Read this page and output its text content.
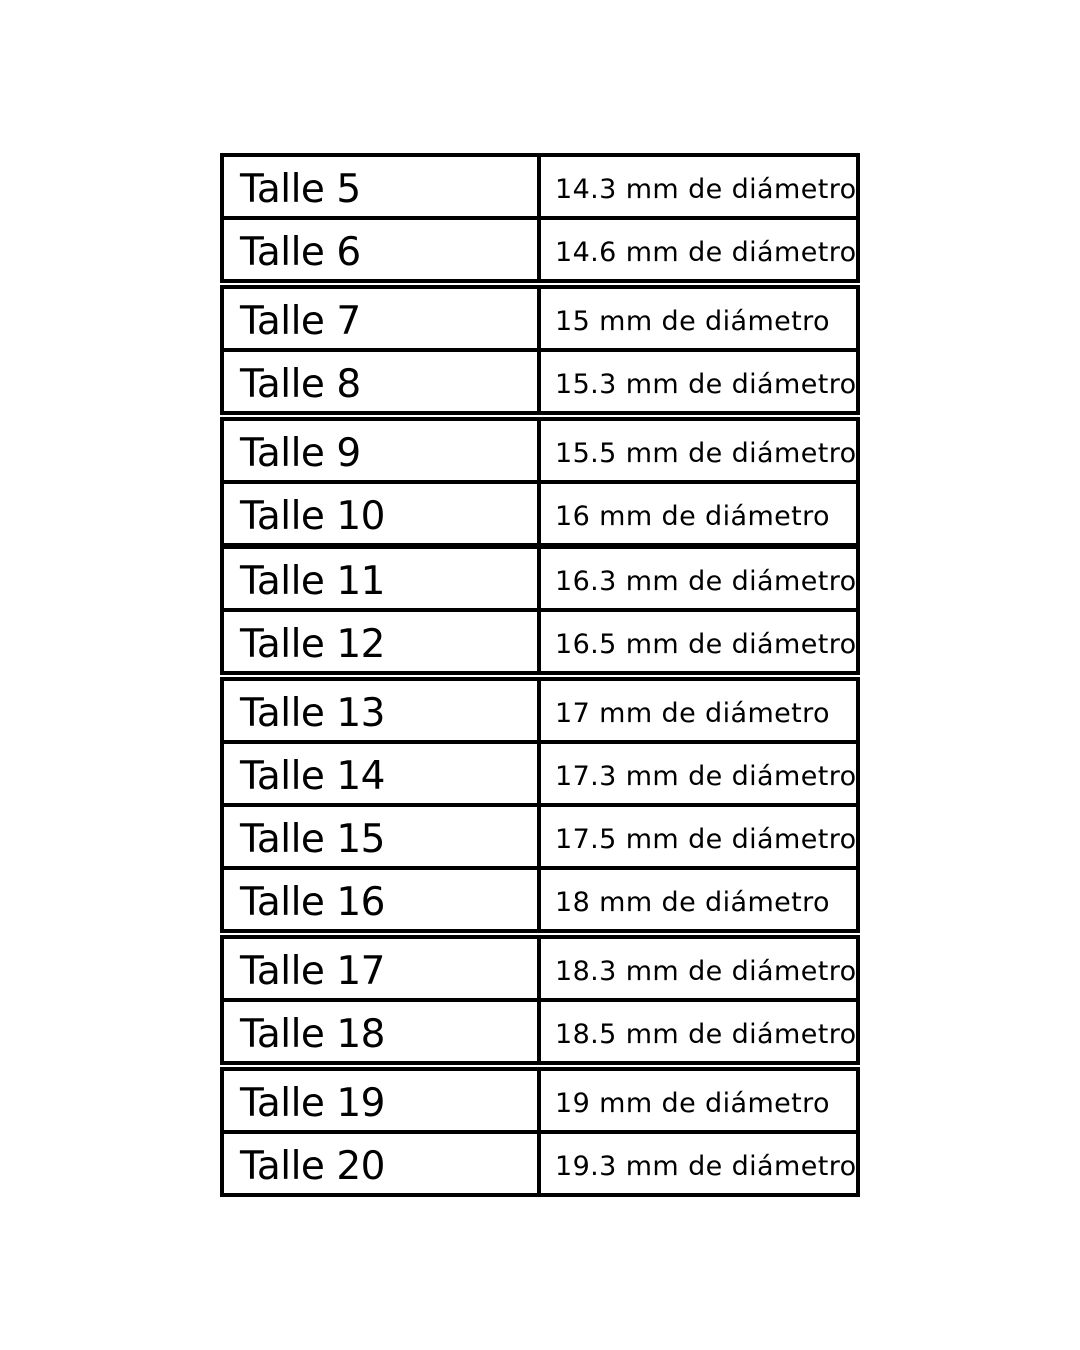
Talle 5	14.3 mm de diámetro
Talle 6	14.6 mm de diámetro
Talle 7	15 mm de diámetro
Talle 8	15.3 mm de diámetro
Talle 9	15.5 mm de diámetro
Talle 10	16 mm de diámetro
Talle 11	16.3 mm de diámetro
Talle 12	16.5 mm de diámetro
Talle 13	17 mm de diámetro
Talle 14	17.3 mm de diámetro
Talle 15	17.5 mm de diámetro
Talle 16	18 mm de diámetro
Talle 17	18.3 mm de diámetro
Talle 18	18.5 mm de diámetro
Talle 19	19 mm de diámetro
Talle 20	19.3 mm de diámetro
